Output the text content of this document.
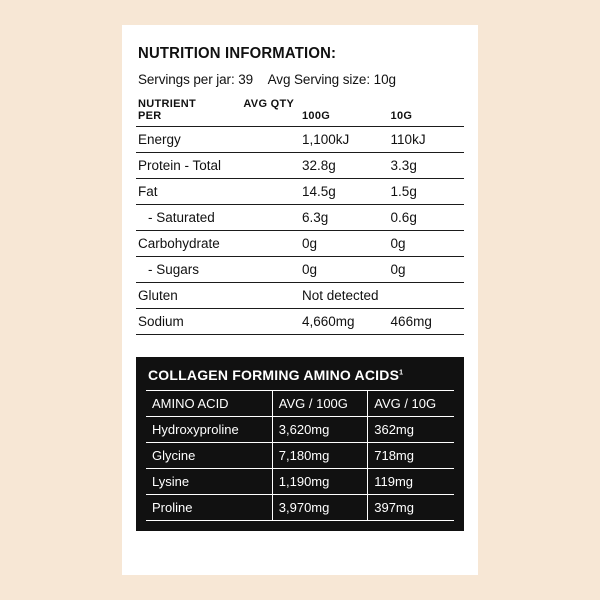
NUTRITION INFORMATION:
Servings per jar: 39 Avg Serving size: 10g
NUTRIENT AVG QTY PER	100G	10G
Energy	1,100kJ	110kJ
Protein - Total	32.8g	3.3g
Fat	14.5g	1.5g
- Saturated	6.3g	0.6g
Carbohydrate	0g	0g
- Sugars	0g	0g
Gluten	Not detected	
Sodium	4,660mg	466mg
COLLAGEN FORMING AMINO ACIDS$^1$
AMINO ACID	AVG / 100G	AVG / 10G
Hydroxyproline	3,620mg	362mg
Glycine	7,180mg	718mg
Lysine	1,190mg	119mg
Proline	3,970mg	397mg
